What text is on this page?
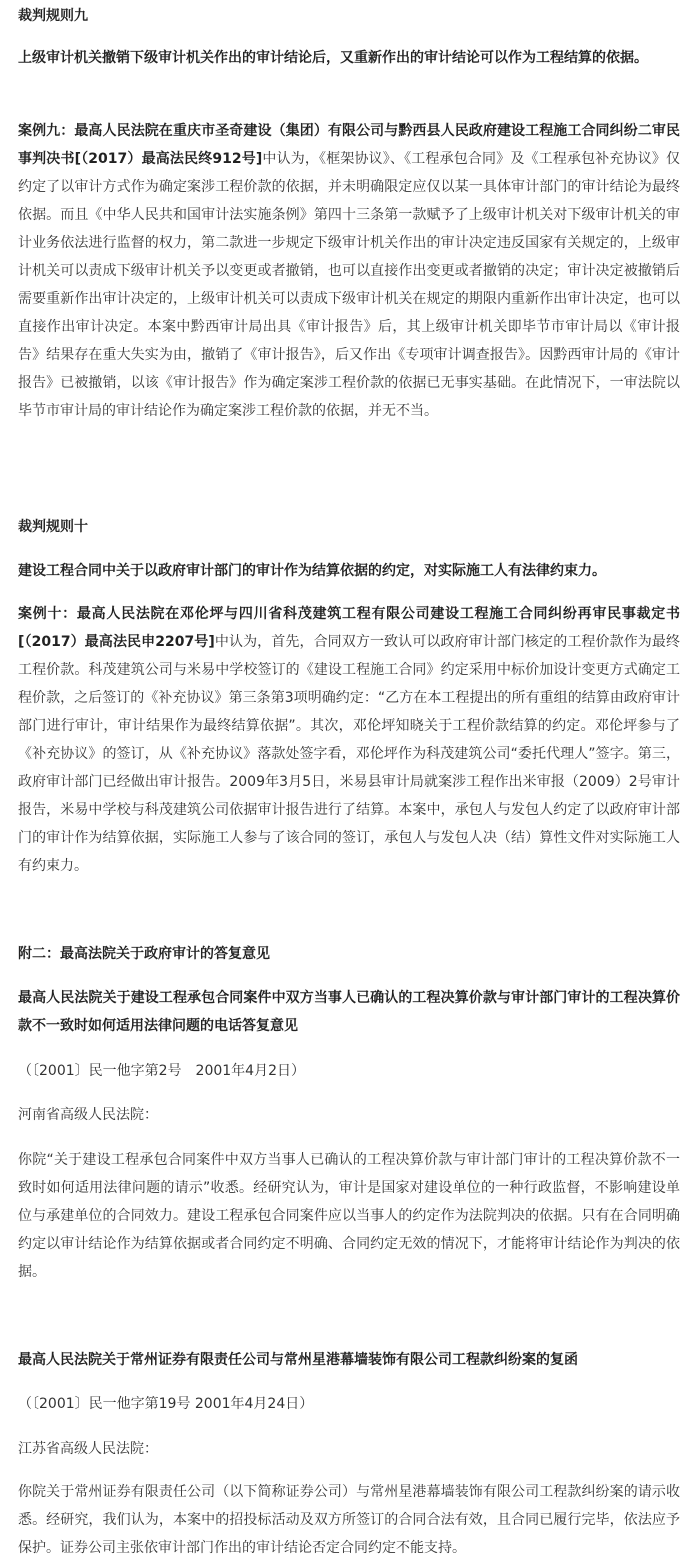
裁判规则九

上级审计机关撤销下级审计机关作出的审计结论后，又重新作出的审计结论可以作为工程结算的依据。

案例九：最高人民法院在重庆市圣奇建设（集团）有限公司与黔西县人民政府建设工程施工合同纠纷二审民事判决书[（2017）最高法民终912号]中认为，《框架协议》、《工程承包合同》及《工程承包补充协议》仅约定了以审计方式作为确定案涉工程价款的依据，并未明确限定应仅以某一具体审计部门的审计结论为最终依据。而且《中华人民共和国审计法实施条例》第四十三条第一款赋予了上级审计机关对下级审计机关的审计业务依法进行监督的权力，第二款进一步规定下级审计机关作出的审计决定违反国家有关规定的，上级审计机关可以责成下级审计机关予以变更或者撤销，也可以直接作出变更或者撤销的决定；审计决定被撤销后需要重新作出审计决定的，上级审计机关可以责成下级审计机关在规定的期限内重新作出审计决定，也可以直接作出审计决定。本案中黔西审计局出具《审计报告》后，其上级审计机关即毕节市审计局以《审计报告》结果存在重大失实为由，撤销了《审计报告》，后又作出《专项审计调查报告》。因黔西审计局的《审计报告》已被撤销，以该《审计报告》作为确定案涉工程价款的依据已无事实基础。在此情况下，一审法院以毕节市审计局的审计结论作为确定案涉工程价款的依据，并无不当。

裁判规则十

建设工程合同中关于以政府审计部门的审计作为结算依据的约定，对实际施工人有法律约束力。

案例十：最高人民法院在邓伦坪与四川省科茂建筑工程有限公司建设工程施工合同纠纷再审民事裁定书[（2017）最高法民申2207号]中认为，首先，合同双方一致认可以政府审计部门核定的工程价款作为最终工程价款。科茂建筑公司与米易中学校签订的《建设工程施工合同》约定采用中标价加设计变更方式确定工程价款，之后签订的《补充协议》第三条第3项明确约定：“乙方在本工程提出的所有重组的结算由政府审计部门进行审计，审计结果作为最终结算依据”。其次，邓伦坪知晓关于工程价款结算的约定。邓伦坪参与了《补充协议》的签订，从《补充协议》落款处签字看，邓伦坪作为科茂建筑公司“委托代理人”签字。第三，政府审计部门已经做出审计报告。2009年3月5日，米易县审计局就案涉工程作出米审报（2009）2号审计报告，米易中学校与科茂建筑公司依据审计报告进行了结算。本案中，承包人与发包人约定了以政府审计部门的审计作为结算依据，实际施工人参与了该合同的签订，承包人与发包人决（结）算性文件对实际施工人有约束力。

附二：最高法院关于政府审计的答复意见

最高人民法院关于建设工程承包合同案件中双方当事人已确认的工程决算价款与审计部门审计的工程决算价款不一致时如何适用法律问题的电话答复意见

（〔2001〕民一他字第2号　2001年4月2日）

河南省高级人民法院：

你院“关于建设工程承包合同案件中双方当事人已确认的工程决算价款与审计部门审计的工程决算价款不一致时如何适用法律问题的请示”收悉。经研究认为，审计是国家对建设单位的一种行政监督，不影响建设单位与承建单位的合同效力。建设工程承包合同案件应以当事人的约定作为法院判决的依据。只有在合同明确约定以审计结论作为结算依据或者合同约定不明确、合同约定无效的情况下，才能将审计结论作为判决的依据。

最高人民法院关于常州证券有限责任公司与常州星港幕墙装饰有限公司工程款纠纷案的复函

（〔2001〕民一他字第19号 2001年4月24日）

江苏省高级人民法院：

你院关于常州证券有限责任公司（以下简称证券公司）与常州星港幕墙装饰有限公司工程款纠纷案的请示收悉。经研究，我们认为，本案中的招投标活动及双方所签订的合同合法有效，且合同已履行完毕，依法应予保护。证券公司主张依审计部门作出的审计结论否定合同约定不能支持。
